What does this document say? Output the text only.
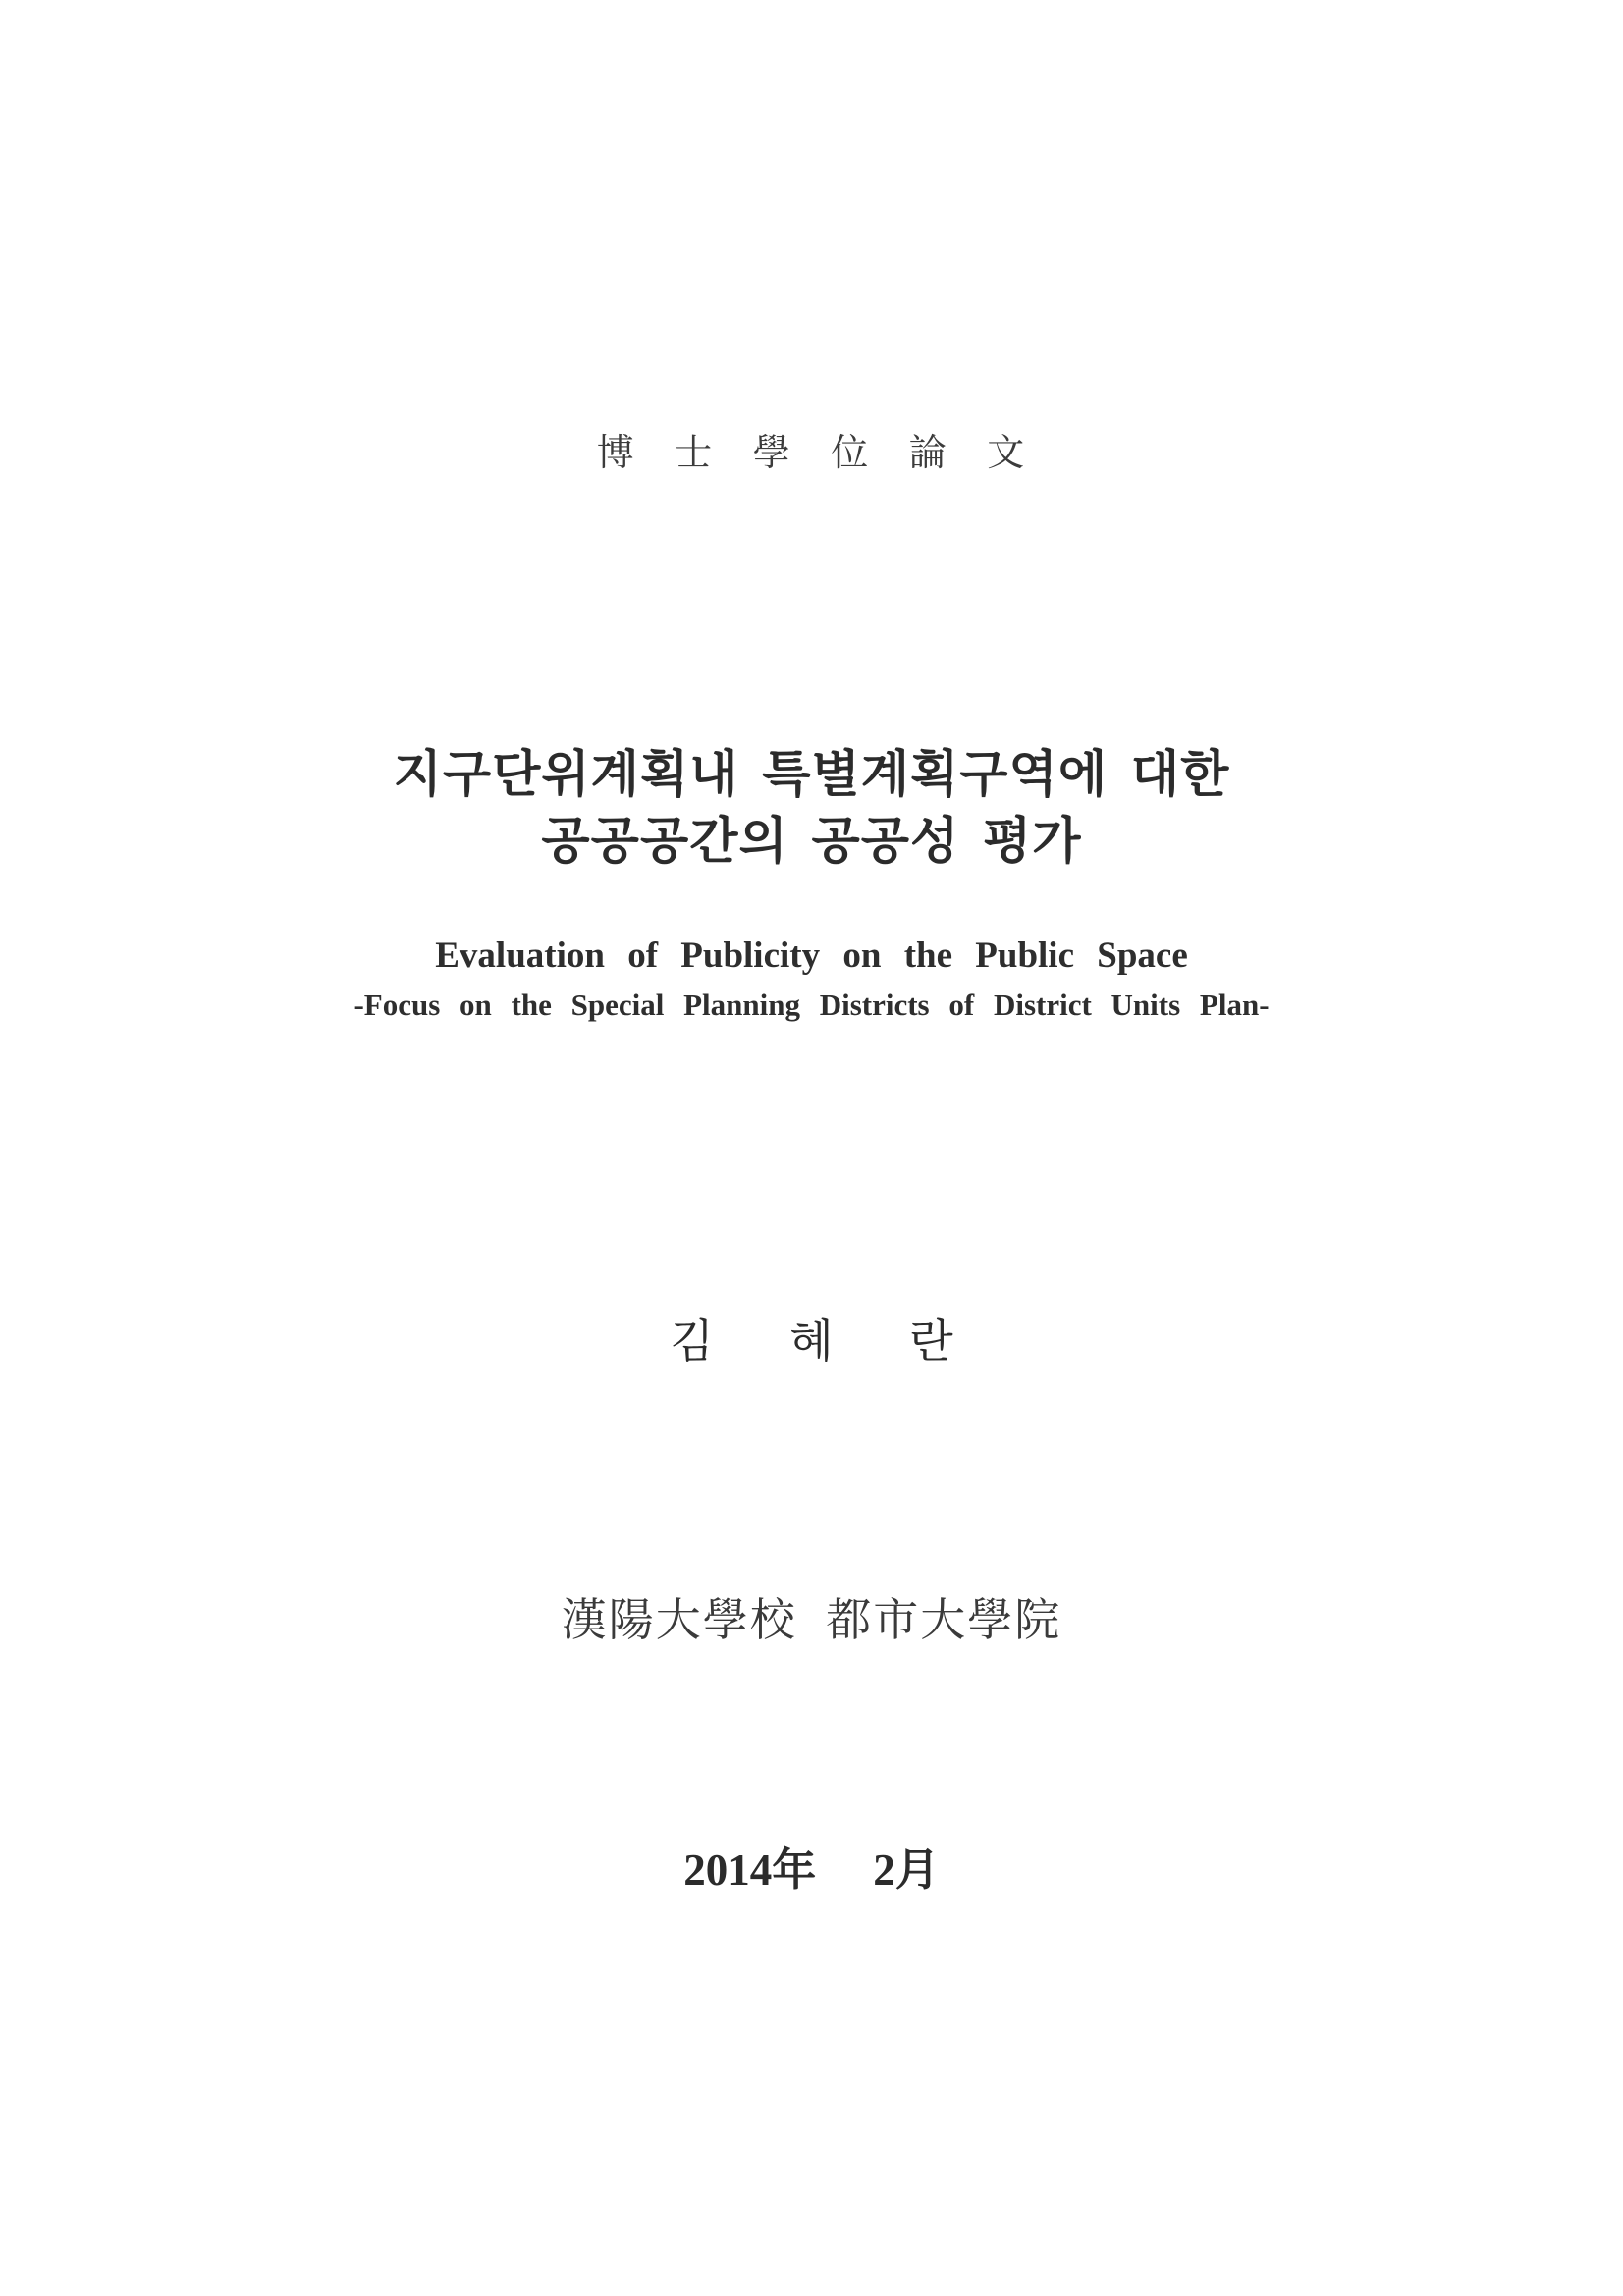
博 士 學 位 論 文
지구단위계획내 특별계획구역에 대한
공공공간의 공공성 평가
Evaluation of Publicity on the Public Space
-Focus on the Special Planning Districts of District Units Plan-
김 혜 란
漢陽大學校 都市大學院
2014年 2月
